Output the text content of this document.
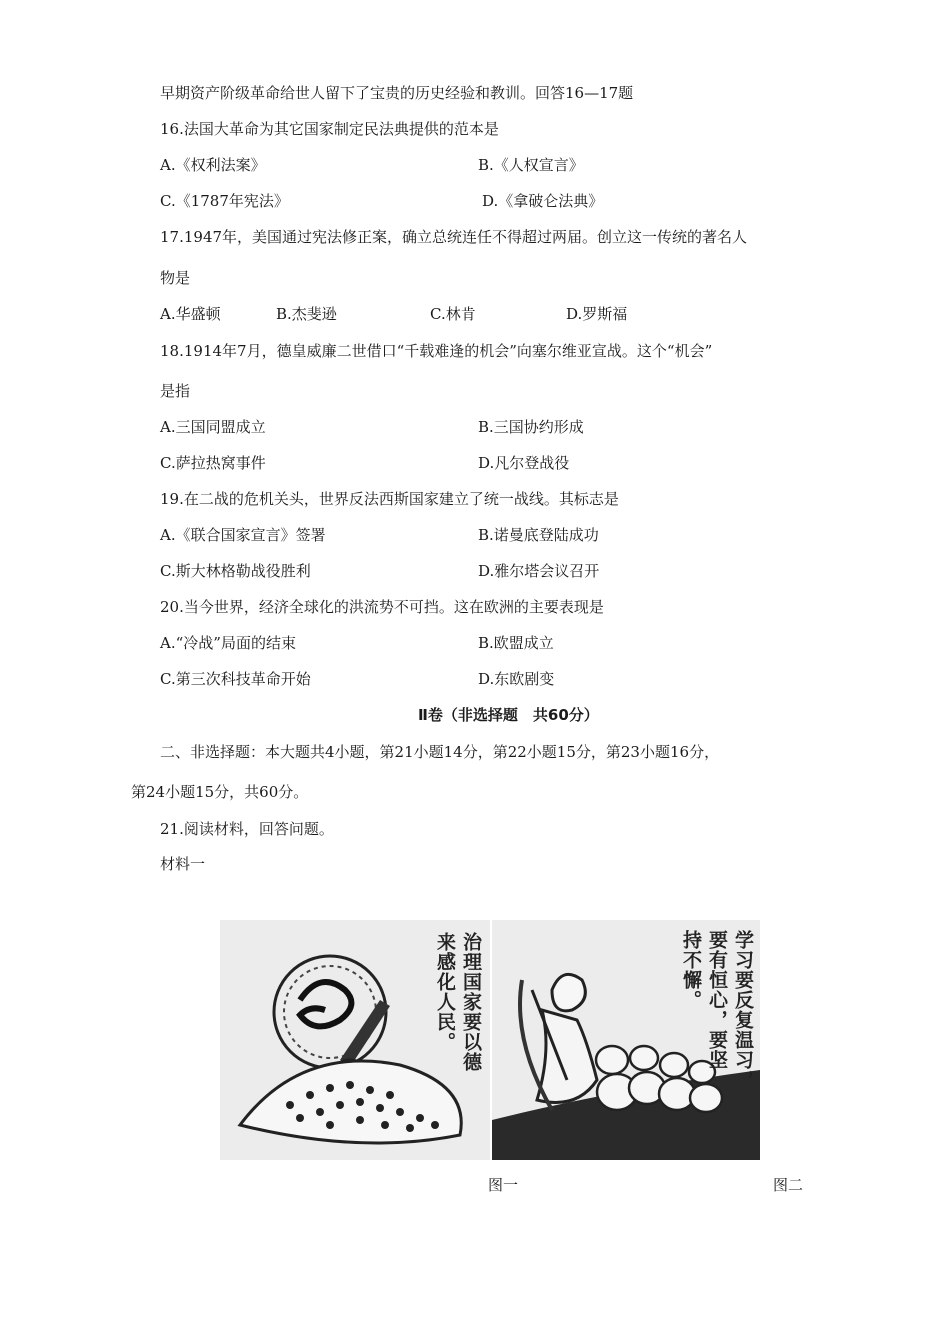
早期资产阶级革命给世人留下了宝贵的历史经验和教训。回答16—17题
16.法国大革命为其它国家制定民法典提供的范本是
A.《权利法案》	B.《人权宣言》
C.《1787年宪法》	D.《拿破仑法典》
17.1947年，美国通过宪法修正案，确立总统连任不得超过两届。创立这一传统的著名人
物是
A.华盛顿	B.杰斐逊	C.林肯	D.罗斯福
18.1914年7月，德皇威廉二世借口“千载难逢的机会”向塞尔维亚宣战。这个“机会”
是指
A.三国同盟成立	B.三国协约形成
C.萨拉热窝事件	D.凡尔登战役
19.在二战的危机关头，世界反法西斯国家建立了统一战线。其标志是
A.《联合国家宣言》签署	B.诺曼底登陆成功
C.斯大林格勒战役胜利	D.雅尔塔会议召开
20.当今世界，经济全球化的洪流势不可挡。这在欧洲的主要表现是
A.“冷战”局面的结束	B.欧盟成立
C.第三次科技革命开始	D.东欧剧变
Ⅱ卷（非选择题　共60分）
二、非选择题：本大题共4小题，第21小题14分，第22小题15分，第23小题16分，
第24小题15分，共60分。
21.阅读材料，回答问题。
材料一
治理国家要以德
来感化人民。	学习要反复温习，
要有恒心，要坚
持不懈。
图一	图二
